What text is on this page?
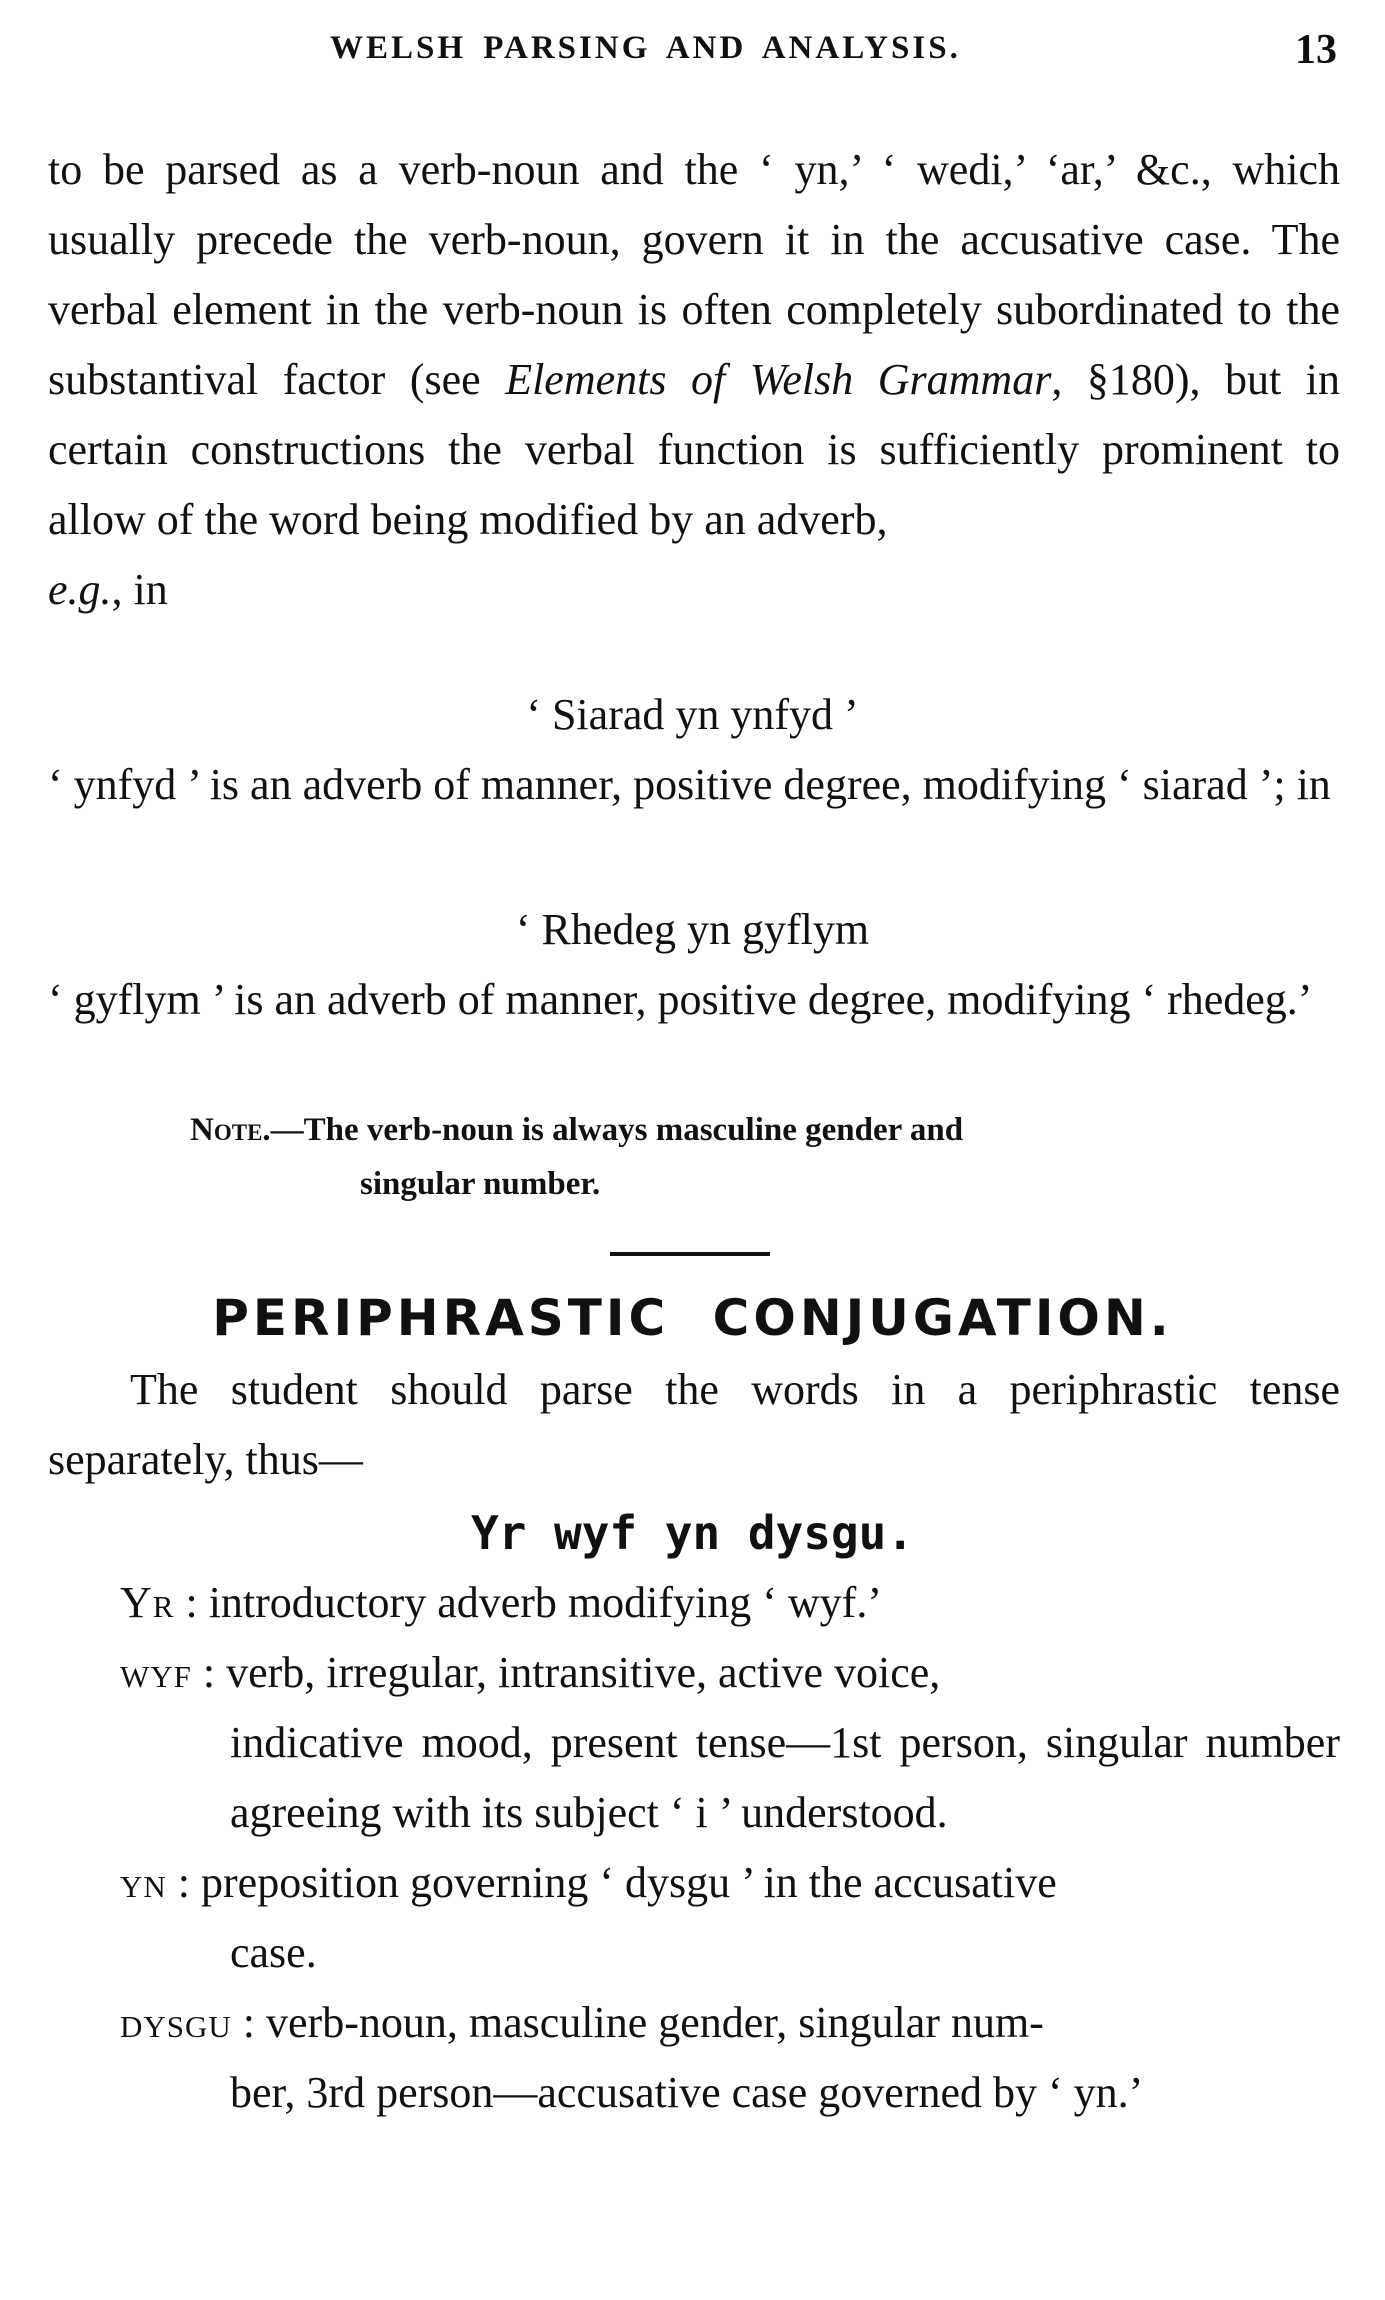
WELSH PARSING AND ANALYSIS.	13
to be parsed as a verb-noun and the ‘ yn,’ ‘ wedi,’ ‘ar,’ &c., which usually precede the verb-noun, govern it in the accusative case. The verbal element in the verb-noun is often completely subordinated to the substantival factor (see Elements of Welsh Grammar, §180), but in certain constructions the verbal function is sufficiently prominent to allow of the word being modified by an adverb,
e.g., in
‘ Siarad yn ynfyd ’
‘ ynfyd ’ is an adverb of manner, positive degree, modifying ‘ siarad ’; in
‘ Rhedeg yn gyflym
‘ gyflym ’ is an adverb of manner, positive degree, modifying ‘ rhedeg.’
Note.—The verb-noun is always masculine gender and
singular number.
PERIPHRASTIC CONJUGATION.
The student should parse the words in a periphrastic tense separately, thus—
Yr wyf yn dysgu.
Yr : introductory adverb modifying ‘ wyf.’
wyf : verb, irregular, intransitive, active voice,
indicative mood, present tense—1st person, singular number agreeing with its subject ‘ i ’ understood.
yn : preposition governing ‘ dysgu ’ in the accusative
case.
dysgu : verb-noun, masculine gender, singular num-
ber, 3rd person—accusative case governed by ‘ yn.’
